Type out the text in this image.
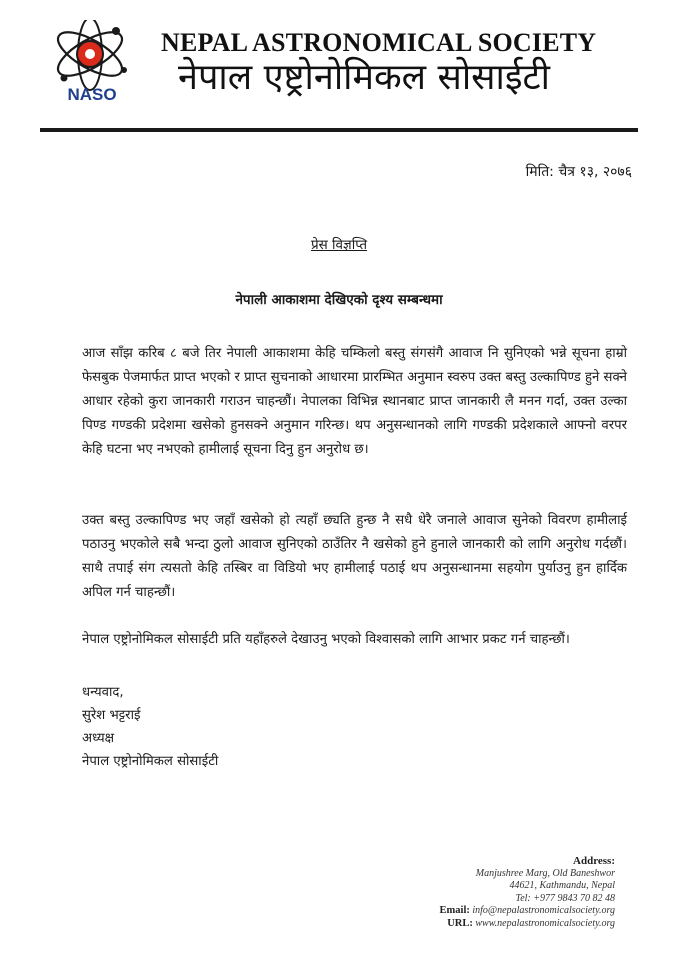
NASO
NEPAL ASTRONOMICAL SOCIETY
नेपाल एष्ट्रोनोमिकल सोसाईटी
मिति: चैत्र १३, २०७६
प्रेस विज्ञप्ति
नेपाली आकाशमा देखिएको दृश्य सम्बन्धमा
आज साँझ करिब ८ बजे तिर नेपाली आकाशमा केहि चम्किलो बस्तु संगसंगै आवाज नि सुनिएको भन्ने सूचना हाम्रो फेसबुक पेजमार्फत प्राप्त भएको र प्राप्त सुचनाको आधारमा प्रारम्भित अनुमान स्वरुप उक्त बस्तु उल्कापिण्ड हुने सक्ने आधार रहेको कुरा जानकारी गराउन चाहन्छौं। नेपालका विभिन्न स्थानबाट प्राप्त जानकारी लै मनन गर्दा, उक्त उल्का पिण्ड गण्डकी प्रदेशमा खसेको हुनसक्ने अनुमान गरिन्छ। थप अनुसन्धानको लागि गण्डकी प्रदेशकाले आफ्नो वरपर केहि घटना भए नभएको हामीलाई सूचना दिनु हुन अनुरोध छ।
उक्त बस्तु उल्कापिण्ड भए जहाँ खसेको हो त्यहाँ छ्यति हुन्छ नै सधै धेरै जनाले आवाज सुनेको विवरण हामीलाई पठाउनु भएकोले सबै भन्दा ठुलो आवाज सुनिएको ठाउँतिर नै खसेको हुने हुनाले जानकारी को लागि अनुरोध गर्दछौं। साथै तपाई संग त्यसतो केहि तस्बिर वा विडियो भए हामीलाई पठाई थप अनुसन्धानमा सहयोग पुर्याउनु हुन हार्दिक अपिल गर्न चाहन्छौं।
नेपाल एष्ट्रोनोमिकल सोसाईटी प्रति यहाँहरुले देखाउनु भएको विश्वासको लागि आभार प्रकट गर्न चाहन्छौं।
धन्यवाद,
सुरेश भट्टराई
अध्यक्ष
नेपाल एष्ट्रोनोमिकल सोसाईटी
Address:
Manjushree Marg, Old Baneshwor
44621, Kathmandu, Nepal
Tel: +977 9843 70 82 48
Email: info@nepalastronomicalsociety.org
URL: www.nepalastronomicalsociety.org
